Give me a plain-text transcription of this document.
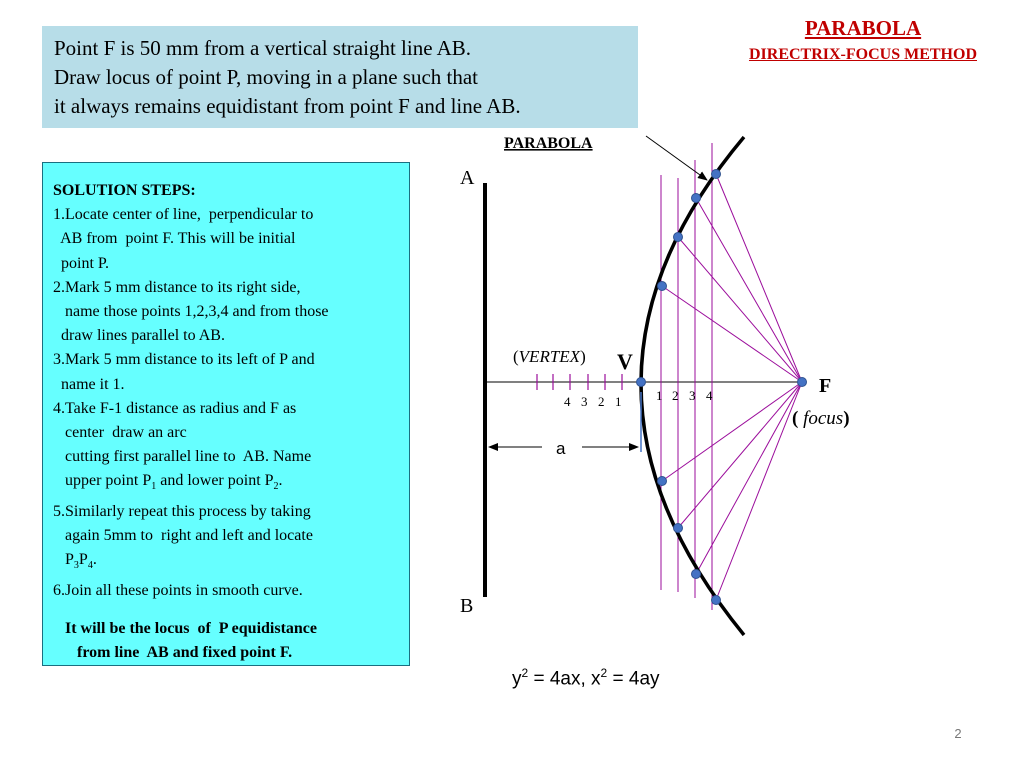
Point F is 50 mm from a vertical straight line AB.
Draw locus of point P, moving in a plane such that
it always remains equidistant from point F and line AB.
PARABOLA
DIRECTRIX-FOCUS METHOD
SOLUTION STEPS:
1.Locate center of line,  perpendicular to
AB from  point F. This will be initial
point P.
2.Mark 5 mm distance to its right side,
name those points 1,2,3,4 and from those
draw lines parallel to AB.
3.Mark 5 mm distance to its left of P and
name it 1.
4.Take F-1 distance as radius and F as
center  draw an arc
cutting first parallel line to  AB. Name
upper point $P_1$ and lower point $P_2$.
5.Similarly repeat this process by taking
again 5mm to  right and left and locate
$P_3P_4$.
6.Join all these points in smooth curve.
It will be the locus  of  P equidistance
from line  AB and fixed point F.
PARABOLA
A
B
(VERTEX) V
F
( focus)
a
4 3 2 1	1 2 3 4
$y^2 = 4ax$, $x^2 = 4ay$
2
